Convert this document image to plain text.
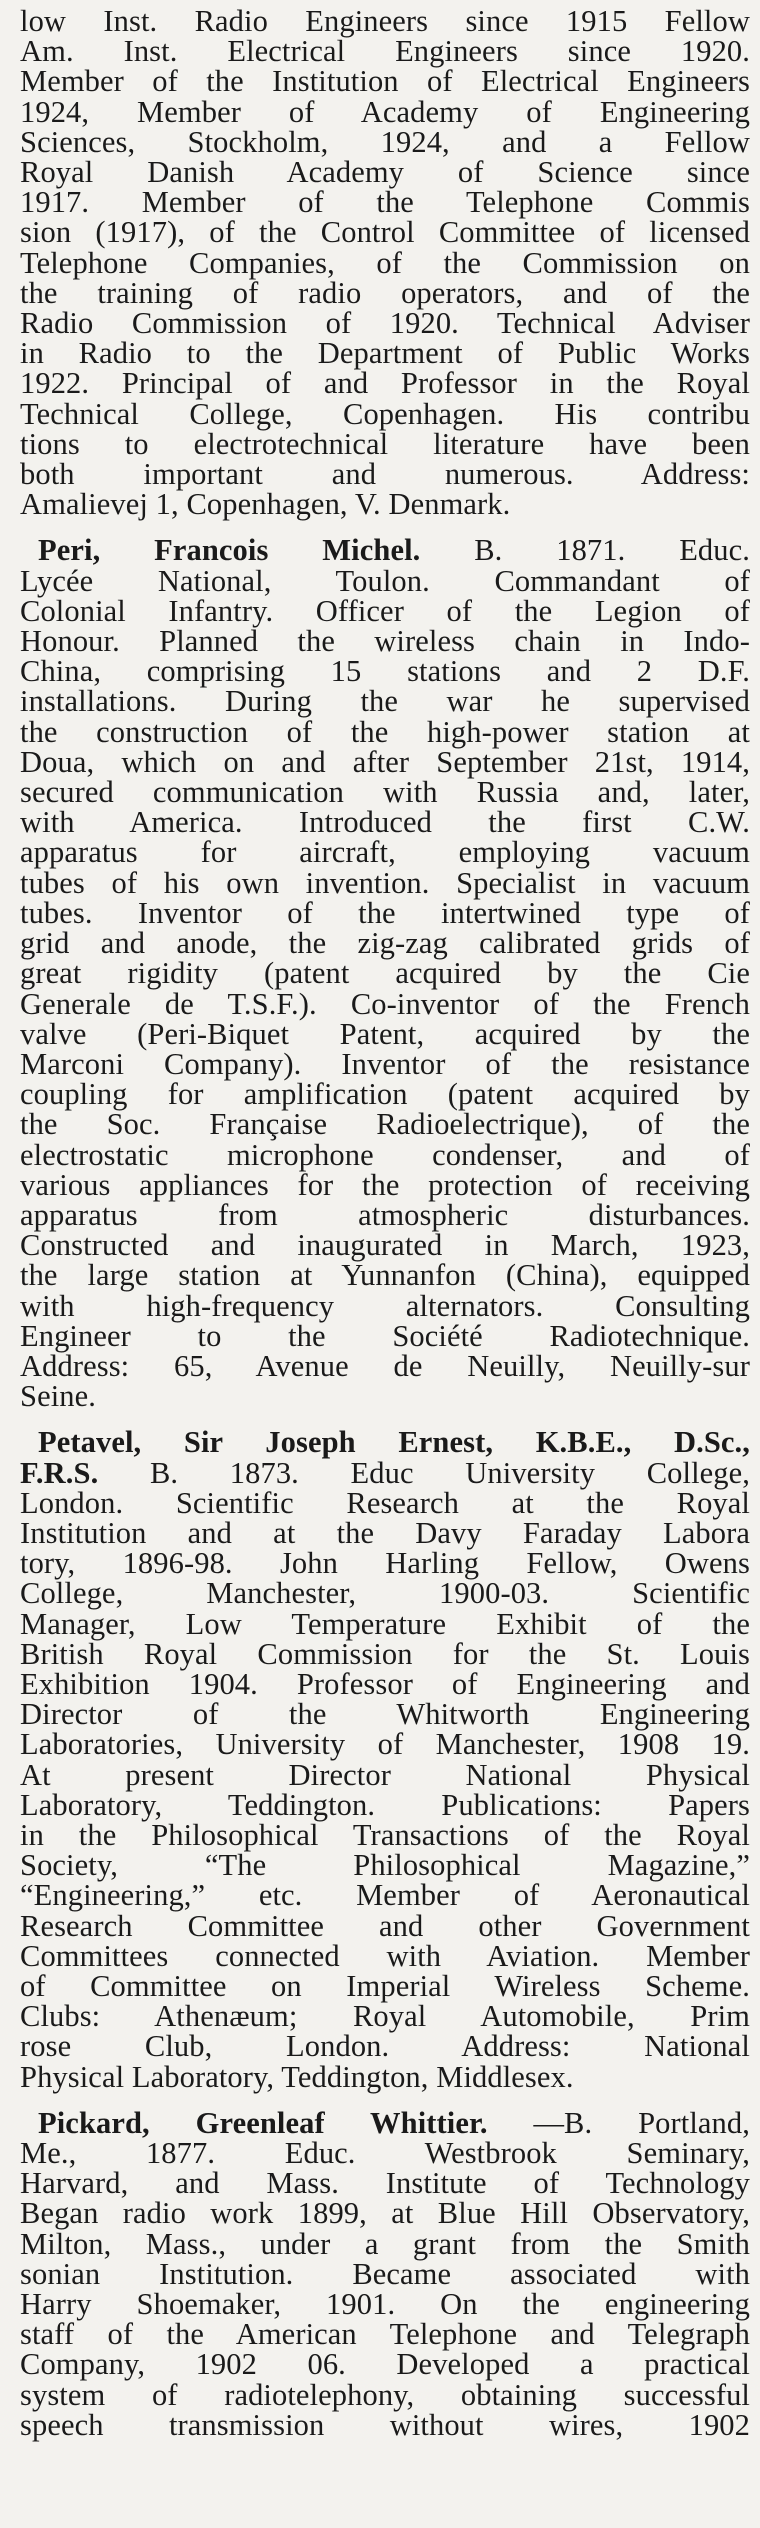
low Inst. Radio Engineers since 1915 Fellow
Am. Inst. Electrical Engineers since 1920.
Member of the Institution of Electrical Engineers
1924, Member of Academy of Engineering
Sciences, Stockholm, 1924, and a Fellow
Royal Danish Academy of Science since
1917. Member of the Telephone Commis
sion (1917), of the Control Committee of licensed
Telephone Companies, of the Commission on
the training of radio operators, and of the
Radio Commission of 1920. Technical Adviser
in Radio to the Department of Public Works
1922. Principal of and Professor in the Royal
Technical College, Copenhagen. His contribu
tions to electrotechnical literature have been
both important and numerous. Address:
Amalievej 1, Copenhagen, V. Denmark.

Peri, Francois Michel. B. 1871. Educ.
Lycée National, Toulon. Commandant of
Colonial Infantry. Officer of the Legion of
Honour. Planned the wireless chain in Indo-
China, comprising 15 stations and 2 D.F.
installations. During the war he supervised
the construction of the high-power station at
Doua, which on and after September 21st, 1914,
secured communication with Russia and, later,
with America. Introduced the first C.W.
apparatus for aircraft, employing vacuum
tubes of his own invention. Specialist in vacuum
tubes. Inventor of the intertwined type of
grid and anode, the zig-zag calibrated grids of
great rigidity (patent acquired by the Cie
Generale de T.S.F.). Co-inventor of the French
valve (Peri-Biquet Patent, acquired by the
Marconi Company). Inventor of the resistance
coupling for amplification (patent acquired by
the Soc. Française Radioelectrique), of the
electrostatic microphone condenser, and of
various appliances for the protection of receiving
apparatus from atmospheric disturbances.
Constructed and inaugurated in March, 1923,
the large station at Yunnanfon (China), equipped
with high-frequency alternators. Consulting
Engineer to the Société Radiotechnique.
Address: 65, Avenue de Neuilly, Neuilly-sur
Seine.

Petavel, Sir Joseph Ernest, K.B.E., D.Sc.,
F.R.S. B. 1873. Educ University College,
London. Scientific Research at the Royal
Institution and at the Davy Faraday Labora
tory, 1896-98. John Harling Fellow, Owens
College, Manchester, 1900-03. Scientific
Manager, Low Temperature Exhibit of the
British Royal Commission for the St. Louis
Exhibition 1904. Professor of Engineering and
Director of the Whitworth Engineering
Laboratories, University of Manchester, 1908 19.
At present Director National Physical
Laboratory, Teddington. Publications: Papers
in the Philosophical Transactions of the Royal
Society, “The Philosophical Magazine,”
“Engineering,” etc. Member of Aeronautical
Research Committee and other Government
Committees connected with Aviation. Member
of Committee on Imperial Wireless Scheme.
Clubs: Athenæum; Royal Automobile, Prim
rose Club, London. Address: National
Physical Laboratory, Teddington, Middlesex.

Pickard, Greenleaf Whittier. —B. Portland,
Me., 1877. Educ. Westbrook Seminary,
Harvard, and Mass. Institute of Technology
Began radio work 1899, at Blue Hill Observatory,
Milton, Mass., under a grant from the Smith
sonian Institution. Became associated with
Harry Shoemaker, 1901. On the engineering
staff of the American Telephone and Telegraph
Company, 1902 06. Developed a practical
system of radiotelephony, obtaining successful
speech transmission without wires, 1902
